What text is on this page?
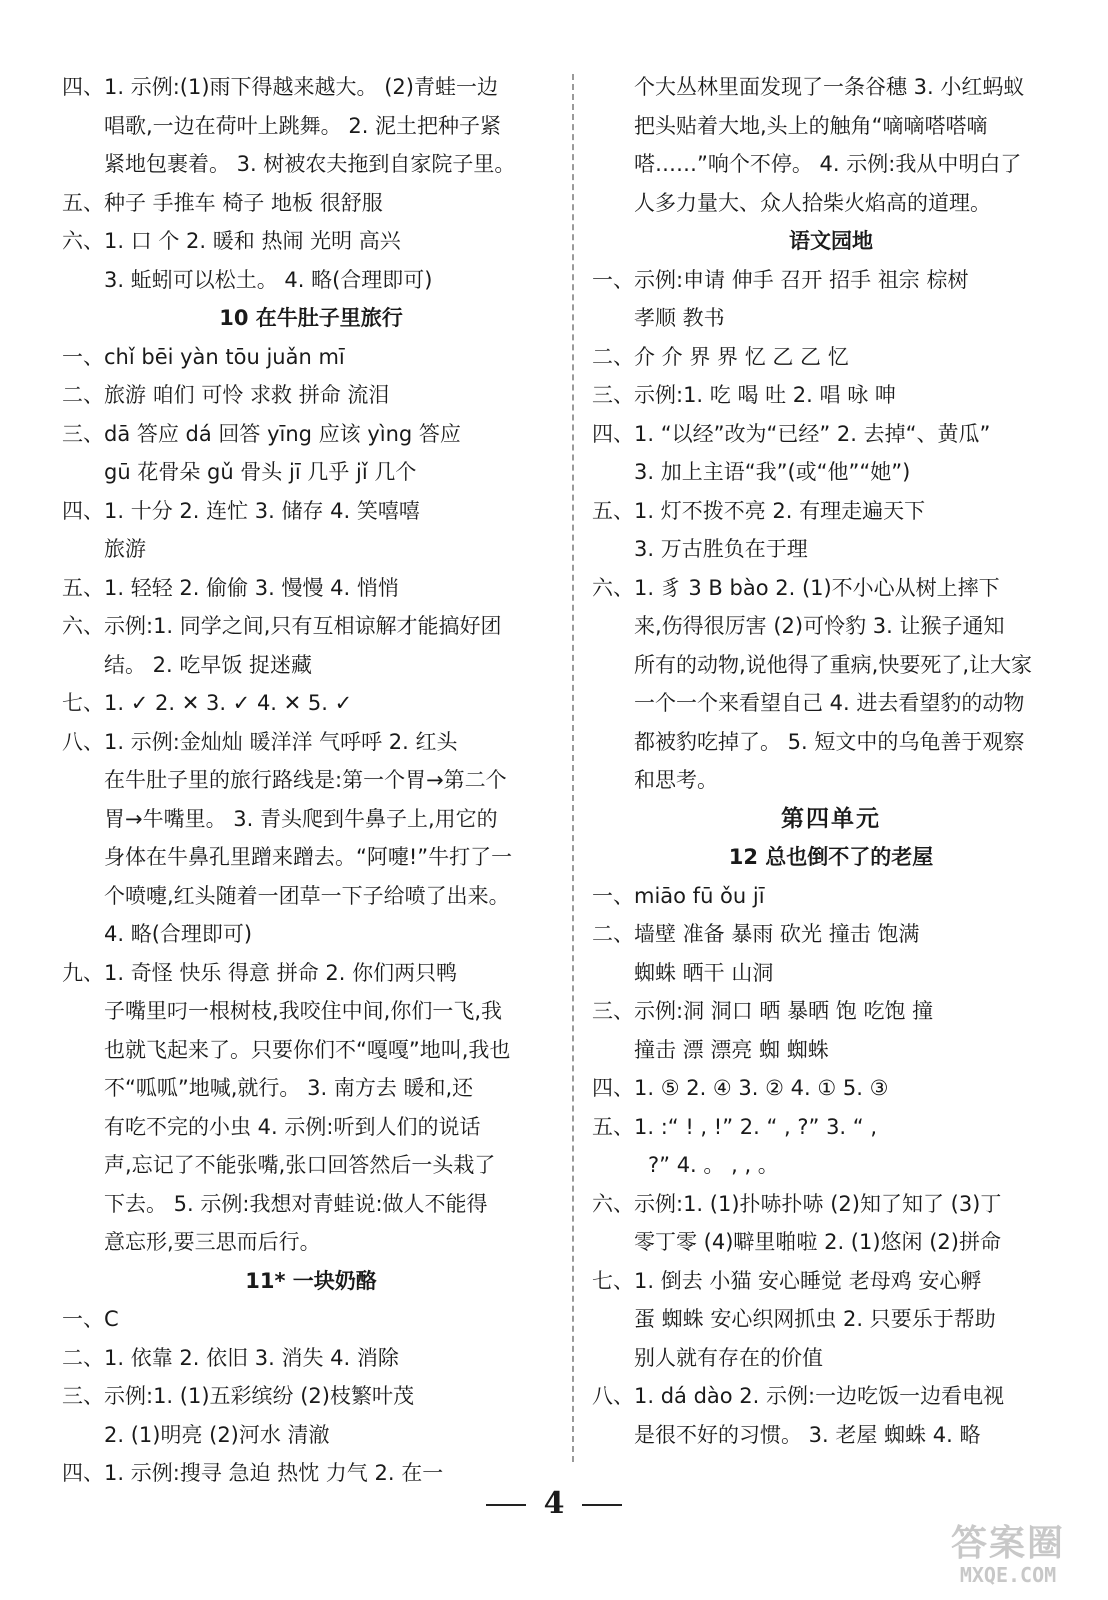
四、1. 示例:(1)雨下得越来越大。 (2)青蛙一边
唱歌,一边在荷叶上跳舞。 2. 泥土把种子紧
紧地包裹着。 3. 树被农夫拖到自家院子里。
五、种子 手推车 椅子 地板 很舒服
六、1. 口 个 2. 暖和 热闹 光明 高兴
3. 蚯蚓可以松土。 4. 略(合理即可)
10 在牛肚子里旅行
一、chǐ bēi yàn tōu juǎn mī
二、旅游 咱们 可怜 求救 拼命 流泪
三、dā 答应 dá 回答 yīng 应该 yìng 答应
gū 花骨朵 gǔ 骨头 jī 几乎 jǐ 几个
四、1. 十分 2. 连忙 3. 储存 4. 笑嘻嘻
旅游
五、1. 轻轻 2. 偷偷 3. 慢慢 4. 悄悄
六、示例:1. 同学之间,只有互相谅解才能搞好团
结。 2. 吃早饭 捉迷藏
七、1. ✓ 2. ✕ 3. ✓ 4. ✕ 5. ✓
八、1. 示例:金灿灿 暖洋洋 气呼呼 2. 红头
在牛肚子里的旅行路线是:第一个胃→第二个
胃→牛嘴里。 3. 青头爬到牛鼻子上,用它的
身体在牛鼻孔里蹭来蹭去。“阿嚏!”牛打了一
个喷嚏,红头随着一团草一下子给喷了出来。
4. 略(合理即可)
九、1. 奇怪 快乐 得意 拼命 2. 你们两只鸭
子嘴里叼一根树枝,我咬住中间,你们一飞,我
也就飞起来了。只要你们不“嘎嘎”地叫,我也
不“呱呱”地喊,就行。 3. 南方去 暖和,还
有吃不完的小虫 4. 示例:听到人们的说话
声,忘记了不能张嘴,张口回答然后一头栽了
下去。 5. 示例:我想对青蛙说:做人不能得
意忘形,要三思而后行。
11* 一块奶酪
一、C
二、1. 依靠 2. 依旧 3. 消失 4. 消除
三、示例:1. (1)五彩缤纷 (2)枝繁叶茂
2. (1)明亮 (2)河水 清澈
四、1. 示例:搜寻 急迫 热忱 力气 2. 在一
个大丛林里面发现了一条谷穗 3. 小红蚂蚁
把头贴着大地,头上的触角“嘀嘀嗒嗒嘀
嗒……”响个不停。 4. 示例:我从中明白了
人多力量大、众人拾柴火焰高的道理。
语文园地
一、示例:申请 伸手 召开 招手 祖宗 棕树
孝顺 教书
二、介 介 界 界 忆 乙 乙 忆
三、示例:1. 吃 喝 吐 2. 唱 咏 呻
四、1. “以经”改为“已经” 2. 去掉“、黄瓜”
3. 加上主语“我”(或“他”“她”)
五、1. 灯不拨不亮 2. 有理走遍天下
3. 万古胜负在于理
六、1. 豸 3 B bào 2. (1)不小心从树上摔下
来,伤得很厉害 (2)可怜豹 3. 让猴子通知
所有的动物,说他得了重病,快要死了,让大家
一个一个来看望自己 4. 进去看望豹的动物
都被豹吃掉了。 5. 短文中的乌龟善于观察
和思考。
第四单元
12 总也倒不了的老屋
一、miāo fū ǒu jī
二、墙壁 准备 暴雨 砍光 撞击 饱满
蜘蛛 晒干 山洞
三、示例:洞 洞口 晒 暴晒 饱 吃饱 撞
撞击 漂 漂亮 蜘 蜘蛛
四、1. ⑤ 2. ④ 3. ② 4. ① 5. ③
五、1. :“ ! , !” 2. “ , ?” 3. “ ,
?” 4. 。 , , 。
六、示例:1. (1)扑哧扑哧 (2)知了知了 (3)丁
零丁零 (4)噼里啪啦 2. (1)悠闲 (2)拼命
七、1. 倒去 小猫 安心睡觉 老母鸡 安心孵
蛋 蜘蛛 安心织网抓虫 2. 只要乐于帮助
别人就有存在的价值
八、1. dá dào 2. 示例:一边吃饭一边看电视
是很不好的习惯。 3. 老屋 蜘蛛 4. 略
4
答案圈
MXQE.COM
